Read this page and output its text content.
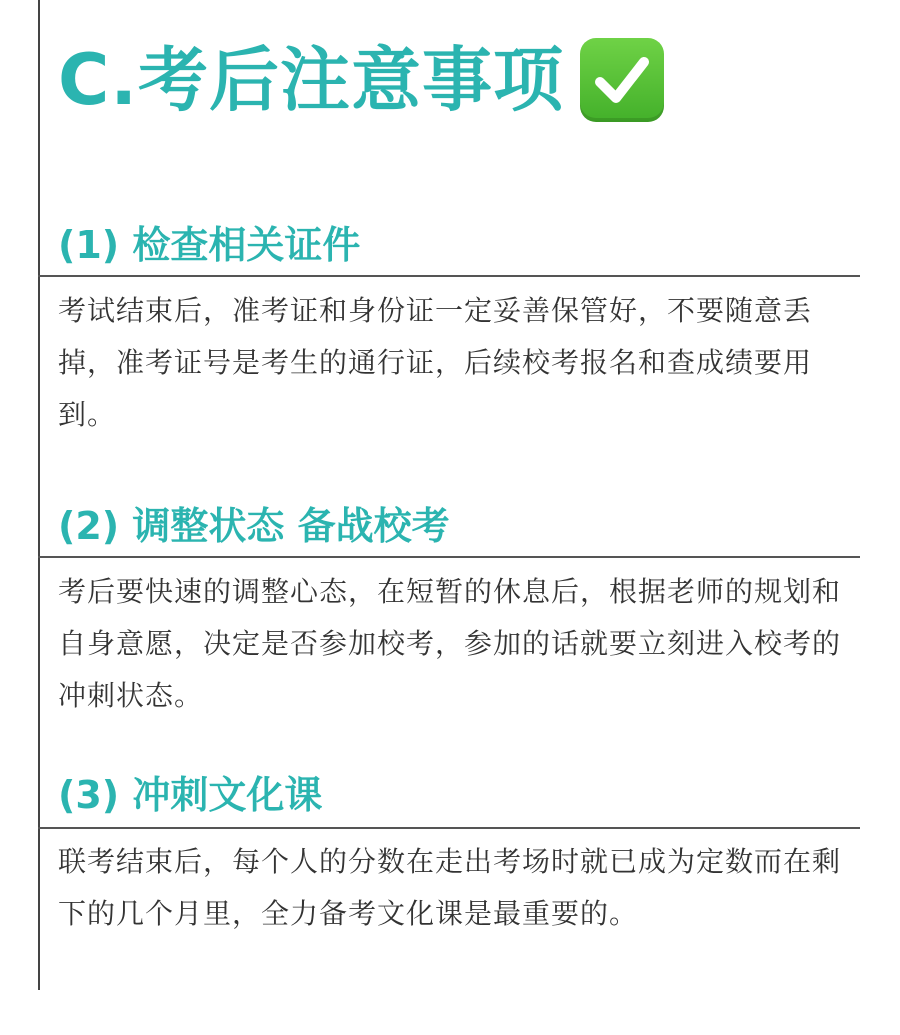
C.考后注意事项
(1) 检查相关证件
考试结束后，准考证和身份证一定妥善保管好，不要随意丢掉，准考证号是考生的通行证，后续校考报名和查成绩要用到。
(2) 调整状态 备战校考
考后要快速的调整心态，在短暂的休息后，根据老师的规划和自身意愿，决定是否参加校考，参加的话就要立刻进入校考的冲刺状态。
(3) 冲刺文化课
联考结束后，每个人的分数在走出考场时就已成为定数而在剩下的几个月里，全力备考文化课是最重要的。
